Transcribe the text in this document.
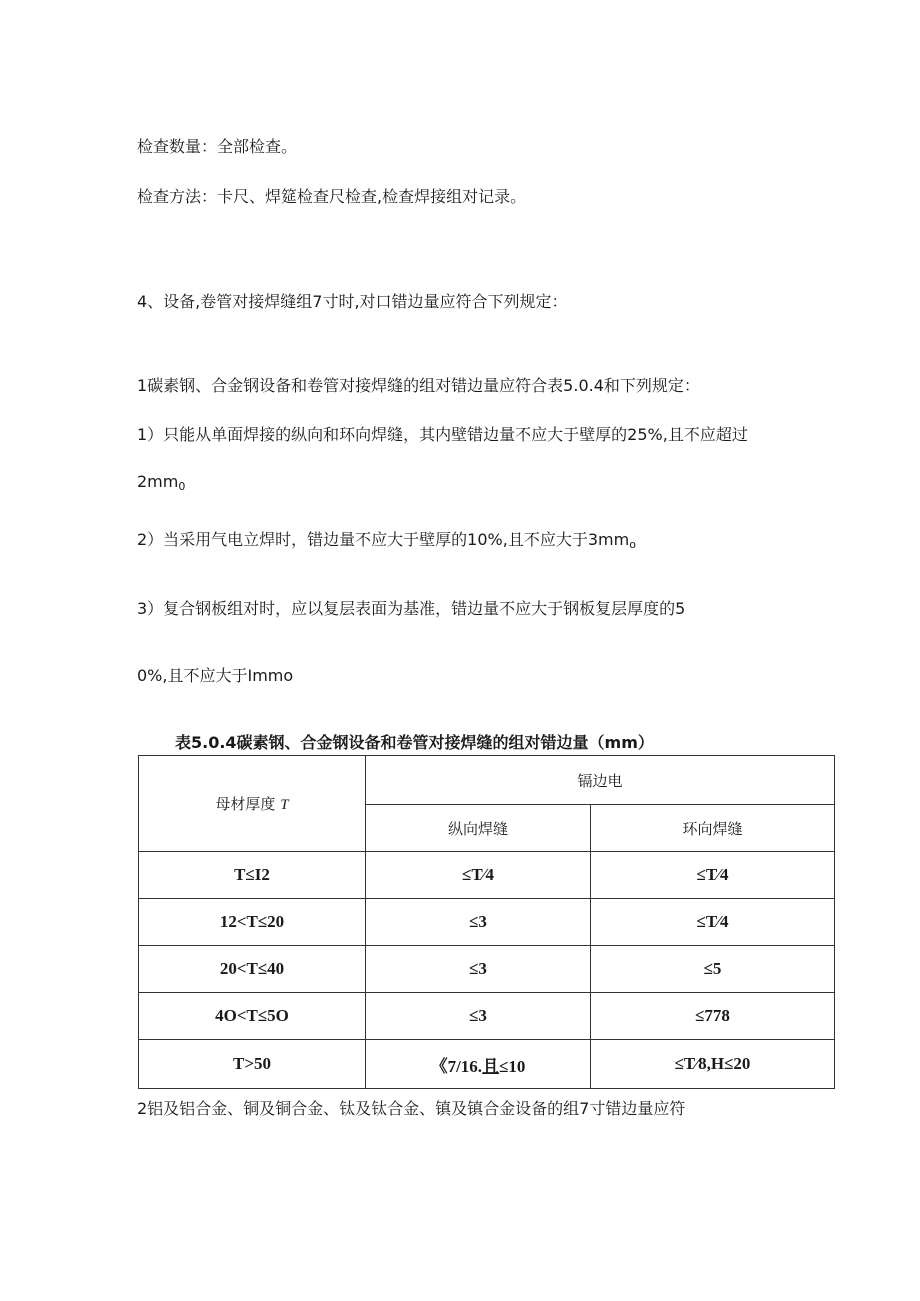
检查数量：全部检查。
检查方法：卡尺、焊筵检查尺检查,检查焊接组对记录。
4、设备,卷管对接焊缝组7寸时,对口错边量应符合下列规定：
1碳素钢、合金钢设备和卷管对接焊缝的组对错边量应符合表5.0.4和下列规定：
1）只能从单面焊接的纵向和环向焊缝，其内壁错边量不应大于壁厚的25%,且不应超过
$2mm_0$
2）当采用气电立焊时，错边量不应大于壁厚的10%,且不应大于$3mm_o$
3）复合钢板组对时，应以复层表面为基准，错边量不应大于钢板复层厚度的5
0%,且不应大于Immo
表5.0.4碳素钢、合金钢设备和卷管对接焊缝的组对错边量（mm）
母材厚度 T	镉边电	
	纵向焊缝	环向焊缝
T≤I2	≤T∕4	≤T∕4
12<T≤20	≤3	≤T∕4
20<T≤40	≤3	≤5
4O<T≤5O	≤3	≤778
T>50	《7/16.且≤10	≤T∕8,H≤20
2铝及铝合金、铜及铜合金、钛及钛合金、镇及镇合金设备的组7寸错边量应符
